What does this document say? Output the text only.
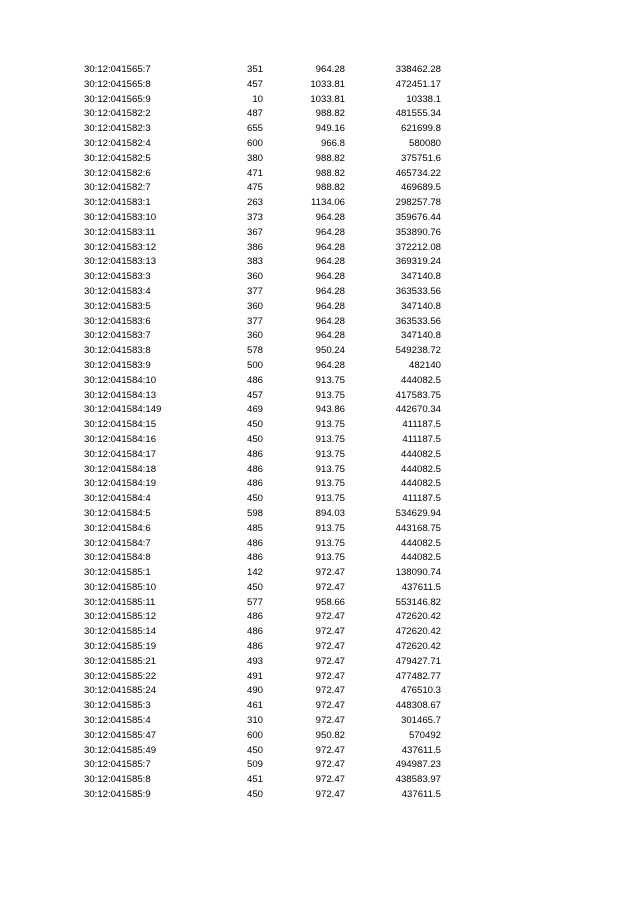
30:12:041565:7	351	964.28	338462.28
30:12:041565:8	457	1033.81	472451.17
30:12:041565:9	10	1033.81	10338.1
30:12:041582:2	487	988.82	481555.34
30:12:041582:3	655	949.16	621699.8
30:12:041582:4	600	966.8	580080
30:12:041582:5	380	988.82	375751.6
30:12:041582:6	471	988.82	465734.22
30:12:041582:7	475	988.82	469689.5
30:12:041583:1	263	1134.06	298257.78
30:12:041583:10	373	964.28	359676.44
30:12:041583:11	367	964.28	353890.76
30:12:041583:12	386	964.28	372212.08
30:12:041583:13	383	964.28	369319.24
30:12:041583:3	360	964.28	347140.8
30:12:041583:4	377	964.28	363533.56
30:12:041583:5	360	964.28	347140.8
30:12:041583:6	377	964.28	363533.56
30:12:041583:7	360	964.28	347140.8
30:12:041583:8	578	950.24	549238.72
30:12:041583:9	500	964.28	482140
30:12:041584:10	486	913.75	444082.5
30:12:041584:13	457	913.75	417583.75
30:12:041584:149	469	943.86	442670.34
30:12:041584:15	450	913.75	411187.5
30:12:041584:16	450	913.75	411187.5
30:12:041584:17	486	913.75	444082.5
30:12:041584:18	486	913.75	444082.5
30:12:041584:19	486	913.75	444082.5
30:12:041584:4	450	913.75	411187.5
30:12:041584:5	598	894.03	534629.94
30:12:041584:6	485	913.75	443168.75
30:12:041584:7	486	913.75	444082.5
30:12:041584:8	486	913.75	444082.5
30:12:041585:1	142	972.47	138090.74
30:12:041585:10	450	972.47	437611.5
30:12:041585:11	577	958.66	553146.82
30:12:041585:12	486	972.47	472620.42
30:12:041585:14	486	972.47	472620.42
30:12:041585:19	486	972.47	472620.42
30:12:041585:21	493	972.47	479427.71
30:12:041585:22	491	972.47	477482.77
30:12:041585:24	490	972.47	476510.3
30:12:041585:3	461	972.47	448308.67
30:12:041585:4	310	972.47	301465.7
30:12:041585:47	600	950.82	570492
30:12:041585:49	450	972.47	437611.5
30:12:041585:7	509	972.47	494987.23
30:12:041585:8	451	972.47	438583.97
30:12:041585:9	450	972.47	437611.5
